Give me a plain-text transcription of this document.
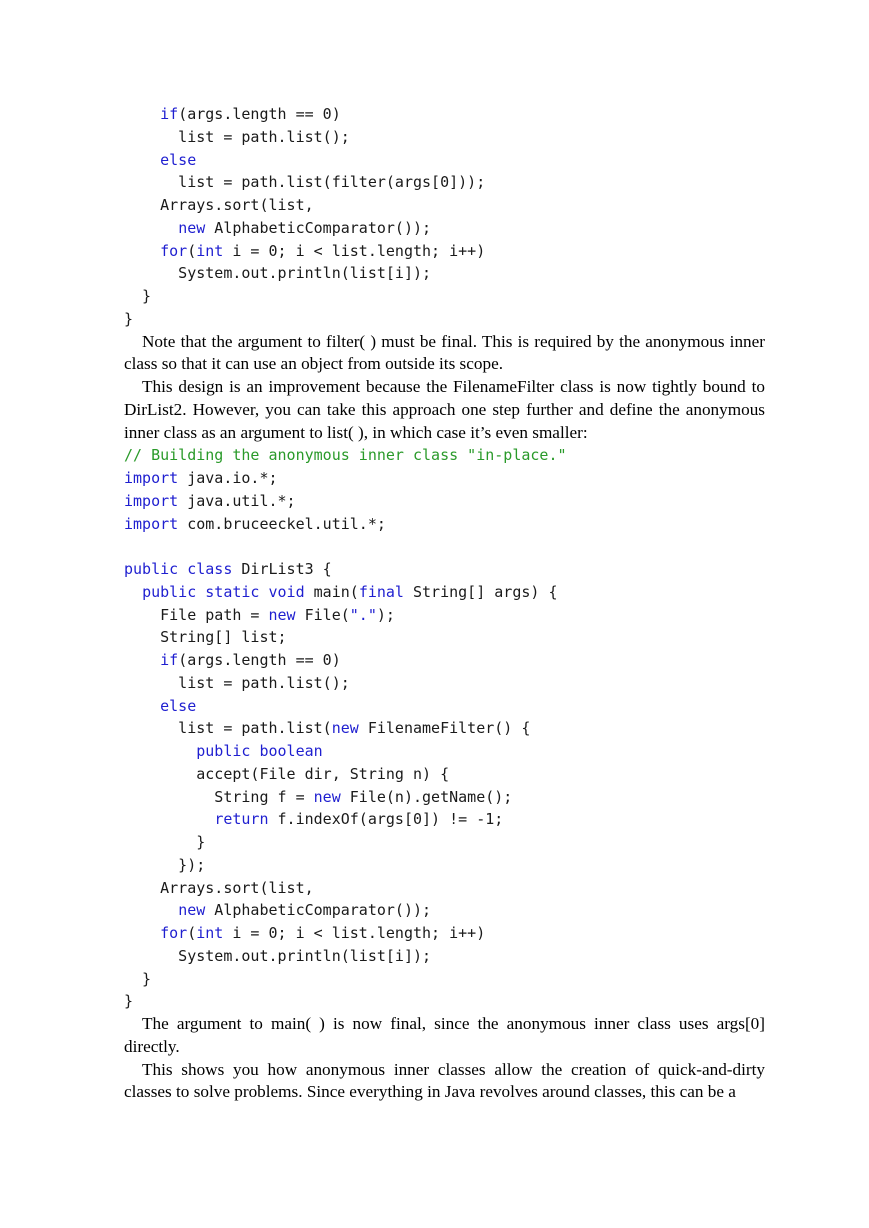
if(args.length == 0)
list = path.list();
else
list = path.list(filter(args[0]));
Arrays.sort(list,
new AlphabeticComparator());
for(int i = 0; i < list.length; i++)
System.out.println(list[i]);
}
}
Note that the argument to filter( ) must be final. This is required by the anonymous inner class so that it can use an object from outside its scope.
This design is an improvement because the FilenameFilter class is now tightly bound to DirList2. However, you can take this approach one step further and define the anonymous inner class as an argument to list( ), in which case it’s even smaller:
// Building the anonymous inner class "in-place."
import java.io.*;
import java.util.*;
import com.bruceeckel.util.*;

public class DirList3 {
public static void main(final String[] args) {
File path = new File(".");
String[] list;
if(args.length == 0)
list = path.list();
else
list = path.list(new FilenameFilter() {
public boolean
accept(File dir, String n) {
String f = new File(n).getName();
return f.indexOf(args[0]) != -1;
}
});
Arrays.sort(list,
new AlphabeticComparator());
for(int i = 0; i < list.length; i++)
System.out.println(list[i]);
}
}
The argument to main( ) is now final, since the anonymous inner class uses args[0] directly.
This shows you how anonymous inner classes allow the creation of quick-and-dirty classes to solve problems. Since everything in Java revolves around classes, this can be a
